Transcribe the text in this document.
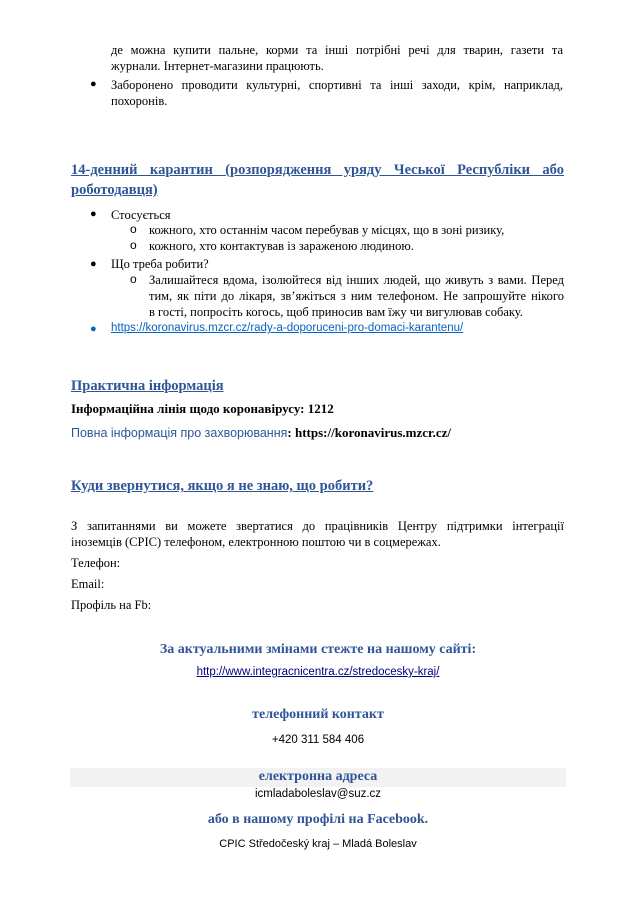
де можна купити пальне, корми та інші потрібні речі для тварин, газети та
журнали. Інтернет-магазини працюють.
● Заборонено проводити культурні, спортивні та інші заходи, крім, наприклад,
похоронів.
14-денний карантин (розпорядження уряду Чеської Республіки або
роботодавця)
● Стосується
o кожного, хто останнім часом перебував у місцях, що в зоні ризику,
o кожного, хто контактував із зараженою людиною.
● Що треба робити?
o Залишайтеся вдома, ізолюйтеся від інших людей, що живуть з вами. Перед
тим, як піти до лікаря, зв’яжіться з ним телефоном. Не запрошуйте нікого
в гості, попросіть когось, щоб приносив вам їжу чи вигулював собаку.
● https://koronavirus.mzcr.cz/rady-a-doporuceni-pro-domaci-karantenu/
Практична інформація
Інформаційна лінія щодо коронавірусу: 1212
Повна інформація про захворювання: https://koronavirus.mzcr.cz/
Куди звернутися, якщо я не знаю, що робити?
З запитаннями ви можете звертатися до працівників Центру підтримки інтеграції
іноземців (CPIC) телефоном, електронною поштою чи в соцмережах.
Телефон:
Email:
Профіль на Fb:
За актуальними змінами стежте на нашому сайті:
http://www.integracnicentra.cz/stredocesky-kraj/
телефонний контакт
+420 311 584 406
електронна адреса
icmladaboleslav@suz.cz
або в нашому профілі на Facebook.
CPIC Středočeský kraj – Mladá Boleslav
